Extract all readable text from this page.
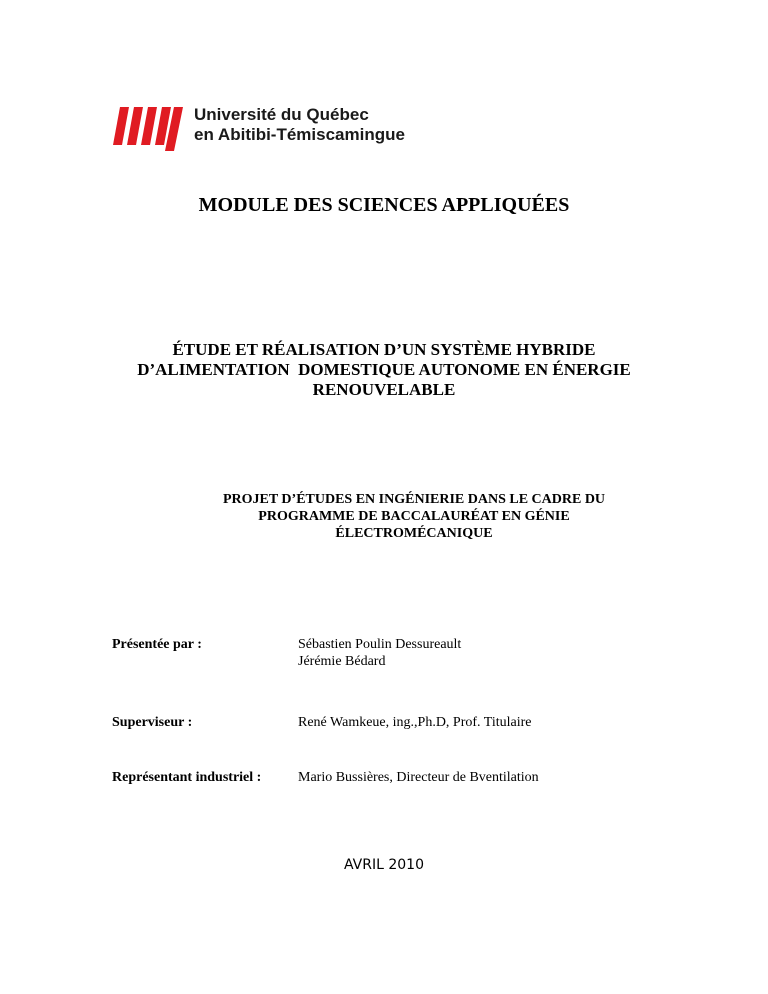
Université du Québec
en Abitibi-Témiscamingue
MODULE DES SCIENCES APPLIQUÉES
ÉTUDE ET RÉALISATION D’UN SYSTÈME HYBRIDE
D’ALIMENTATION  DOMESTIQUE AUTONOME EN ÉNERGIE
RENOUVELABLE
PROJET D’ÉTUDES EN INGÉNIERIE DANS LE CADRE DU
PROGRAMME DE BACCALAURÉAT EN GÉNIE
ÉLECTROMÉCANIQUE
Présentée par :	Sébastien Poulin Dessureault
Jérémie Bédard
Superviseur :	René Wamkeue, ing.,Ph.D, Prof. Titulaire
Représentant industriel :	Mario Bussières, Directeur de Bventilation
AVRIL 2010
